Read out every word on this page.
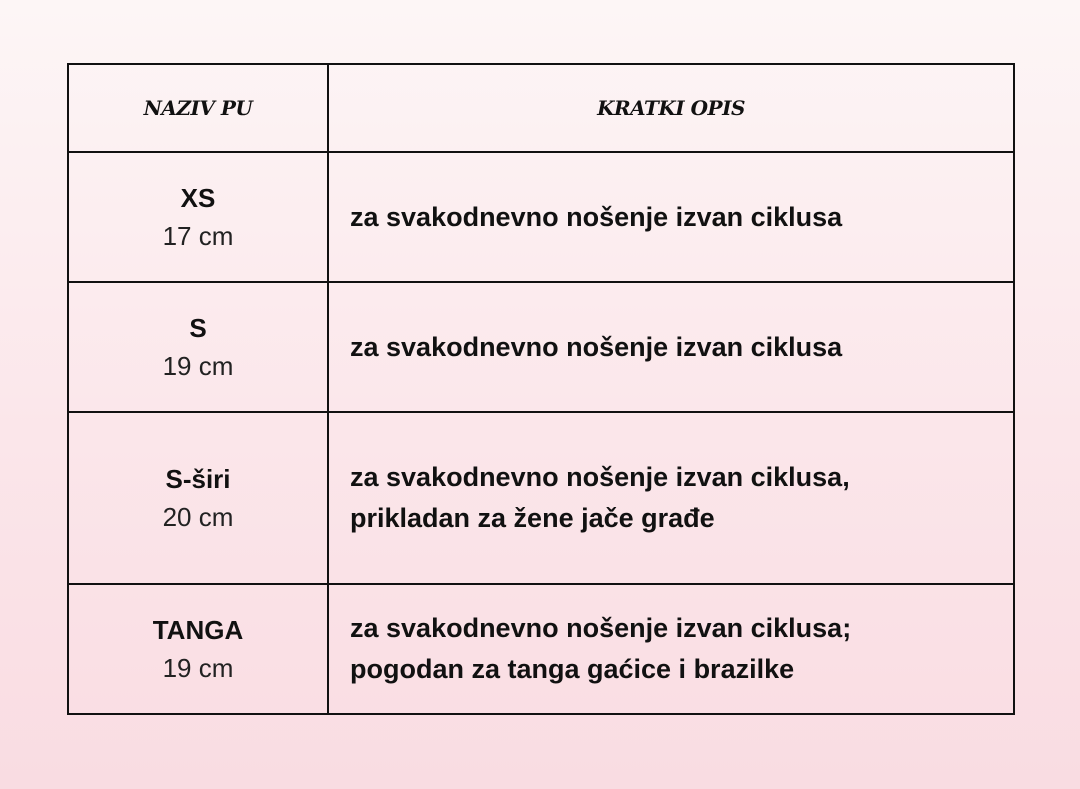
NAZIV PU	KRATKI OPIS

XS
17 cm	za svakodnevno nošenje izvan ciklusa

S
19 cm	za svakodnevno nošenje izvan ciklusa

S-širi
20 cm	za svakodnevno nošenje izvan ciklusa,
prikladan za žene jače građe

TANGA
19 cm	za svakodnevno nošenje izvan ciklusa;
pogodan za tanga gaćice i brazilke
